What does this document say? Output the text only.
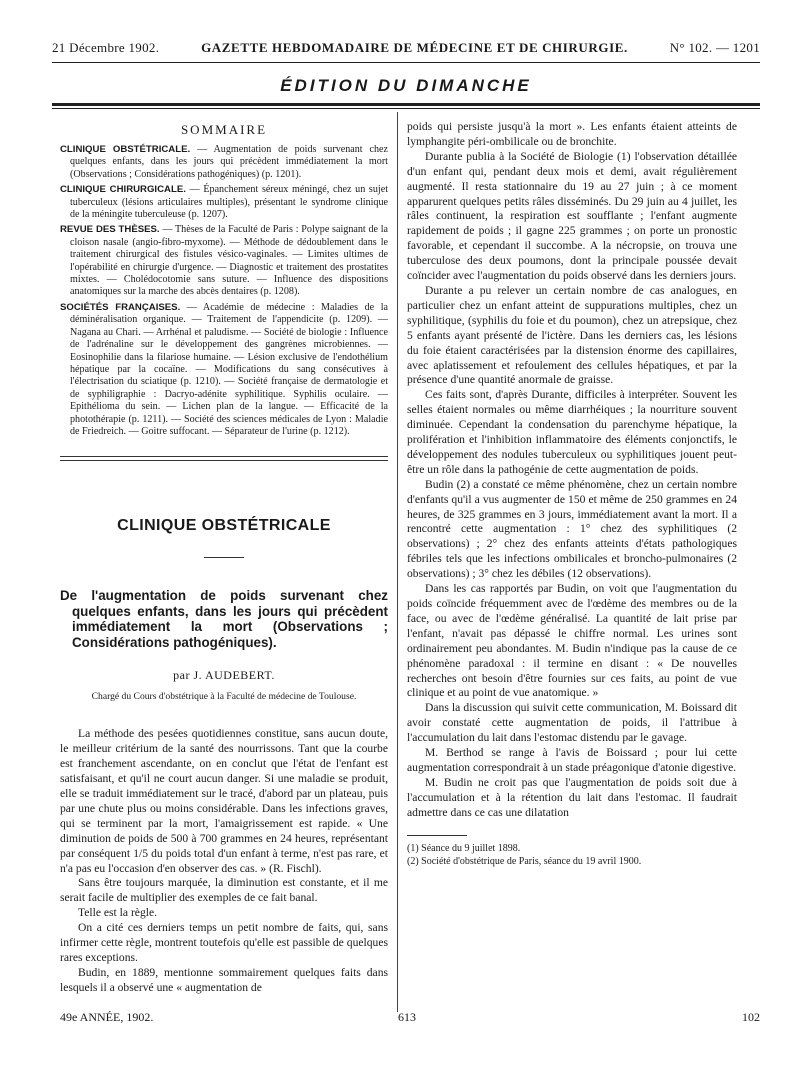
21 Décembre 1902.	GAZETTE HEBDOMADAIRE DE MÉDECINE ET DE CHIRURGIE.	N° 102. — 1201
ÉDITION DU DIMANCHE
SOMMAIRE

CLINIQUE OBSTÉTRICALE. — Augmentation de poids survenant chez quelques enfants, dans les jours qui précèdent immédiatement la mort (Observations ; Considérations pathogéniques) (p. 1201).

CLINIQUE CHIRURGICALE. — Épanchement séreux méningé, chez un sujet tuberculeux (lésions articulaires multiples), présentant le syndrome clinique de la méningite tuberculeuse (p. 1207).

REVUE DES THÈSES. — Thèses de la Faculté de Paris : Polype saignant de la cloison nasale (angio-fibro-myxome). — Méthode de dédoublement dans le traitement chirurgical des fistules vésico-vaginales. — Limites ultimes de l'opérabilité en chirurgie d'urgence. — Diagnostic et traitement des prostatites mixtes. — Cholédocotomie sans suture. — Influence des dispositions anatomiques sur la marche des abcès dentaires (p. 1208).

SOCIÉTÉS FRANÇAISES. — Académie de médecine : Maladies de la déminéralisation organique. — Traitement de l'appendicite (p. 1209). — Nagana au Chari. — Arrhénal et paludisme. — Société de biologie : Influence de l'adrénaline sur le développement des gangrènes microbiennes. — Eosinophilie dans la filariose humaine. — Lésion exclusive de l'endothélium hépatique par la cocaïne. — Modifications du sang consécutives à l'électrisation du sciatique (p. 1210). — Société française de dermatologie et de syphiligraphie : Dacryo-adénite syphilitique. Syphilis oculaire. — Epithélioma du sein. — Lichen plan de la langue. — Efficacité de la photothérapie (p. 1211). — Société des sciences médicales de Lyon : Maladie de Friedreich. — Goitre suffocant. — Séparateur de l'urine (p. 1212).

CLINIQUE OBSTÉTRICALE
De l'augmentation de poids survenant chez quelques enfants, dans les jours qui précèdent immédiatement la mort (Observations ; Considérations pathogéniques).
par J. AUDEBERT.
Chargé du Cours d'obstétrique à la Faculté de médecine de Toulouse.

La méthode des pesées quotidiennes constitue, sans aucun doute, le meilleur critérium de la santé des nourrissons. Tant que la courbe est franchement ascendante, on en conclut que l'état de l'enfant est satisfaisant, et qu'il ne court aucun danger. Si une maladie se produit, elle se traduit immédiatement sur le tracé, d'abord par un plateau, puis par une chute plus ou moins considérable. Dans les infections graves, qui se terminent par la mort, l'amaigrissement est rapide. « Une diminution de poids de 500 à 700 grammes en 24 heures, représentant par conséquent 1/5 du poids total d'un enfant à terme, n'est pas rare, et n'a pas eu l'occasion d'en observer des cas. » (R. Fischl).

Sans être toujours marquée, la diminution est constante, et il me serait facile de multiplier des exemples de ce fait banal.

Telle est la règle.

On a cité ces derniers temps un petit nombre de faits, qui, sans infirmer cette règle, montrent toutefois qu'elle est passible de quelques rares exceptions.

Budin, en 1889, mentionne sommairement quelques faits dans lesquels il a observé une « augmentation de

poids qui persiste jusqu'à la mort ». Les enfants étaient atteints de lymphangite péri-ombilicale ou de bronchite.

Durante publia à la Société de Biologie (1) l'observation détaillée d'un enfant qui, pendant deux mois et demi, avait régulièrement augmenté. Il resta stationnaire du 19 au 27 juin ; à ce moment apparurent quelques petits râles disséminés. Du 29 juin au 4 juillet, les râles continuent, la respiration est soufflante ; l'enfant augmente rapidement de poids ; il gagne 225 grammes ; on porte un pronostic favorable, et cependant il succombe. A la nécropsie, on trouva une tuberculose des deux poumons, dont la principale poussée devait coïncider avec l'augmentation du poids observé dans les derniers jours.

Durante a pu relever un certain nombre de cas analogues, en particulier chez un enfant atteint de suppurations multiples, chez un syphilitique, (syphilis du foie et du poumon), chez un atrepsique, chez 5 enfants ayant présenté de l'ictère. Dans les derniers cas, les lésions du foie étaient caractérisées par la distension énorme des capillaires, avec aplatissement et refoulement des cellules hépatiques, et par la présence d'une quantité anormale de graisse.

Ces faits sont, d'après Durante, difficiles à interpréter. Souvent les selles étaient normales ou même diarrhéiques ; la nourriture souvent diminuée. Cependant la condensation du parenchyme hépatique, la prolifération et l'inhibition inflammatoire des éléments conjonctifs, le développement des nodules tuberculeux ou syphilitiques jouent peut-être un rôle dans la pathogénie de cette augmentation de poids.

Budin (2) a constaté ce même phénomène, chez un certain nombre d'enfants qu'il a vus augmenter de 150 et même de 250 grammes en 24 heures, de 325 grammes en 3 jours, immédiatement avant la mort. Il a rencontré cette augmentation : 1° chez des syphilitiques (2 observations) ; 2° chez des enfants atteints d'états pathologiques fébriles tels que les infections ombilicales et broncho-pulmonaires (2 observations) ; 3° chez les débiles (12 observations).

Dans les cas rapportés par Budin, on voit que l'augmentation du poids coïncide fréquemment avec de l'œdème des membres ou de la face, ou avec de l'œdème généralisé. La quantité de lait prise par l'enfant, n'avait pas dépassé le chiffre normal. Les urines sont ordinairement peu abondantes. M. Budin n'indique pas la cause de ce phénomène paradoxal : il termine en disant : « De nouvelles recherches ont besoin d'être fournies sur ces faits, au point de vue clinique et au point de vue anatomique. »

Dans la discussion qui suivit cette communication, M. Boissard dit avoir constaté cette augmentation de poids, il l'attribue à l'accumulation du lait dans l'estomac distendu par le gavage.

M. Berthod se range à l'avis de Boissard ; pour lui cette augmentation correspondrait à un stade préagonique d'atonie digestive.

M. Budin ne croit pas que l'augmentation de poids soit due à l'accumulation et à la rétention du lait dans l'estomac. Il faudrait admettre dans ce cas une dilatation

(1) Séance du 9 juillet 1898.

(2) Société d'obstétrique de Paris, séance du 19 avril 1900.

49e ANNÉE, 1902.	613	102
